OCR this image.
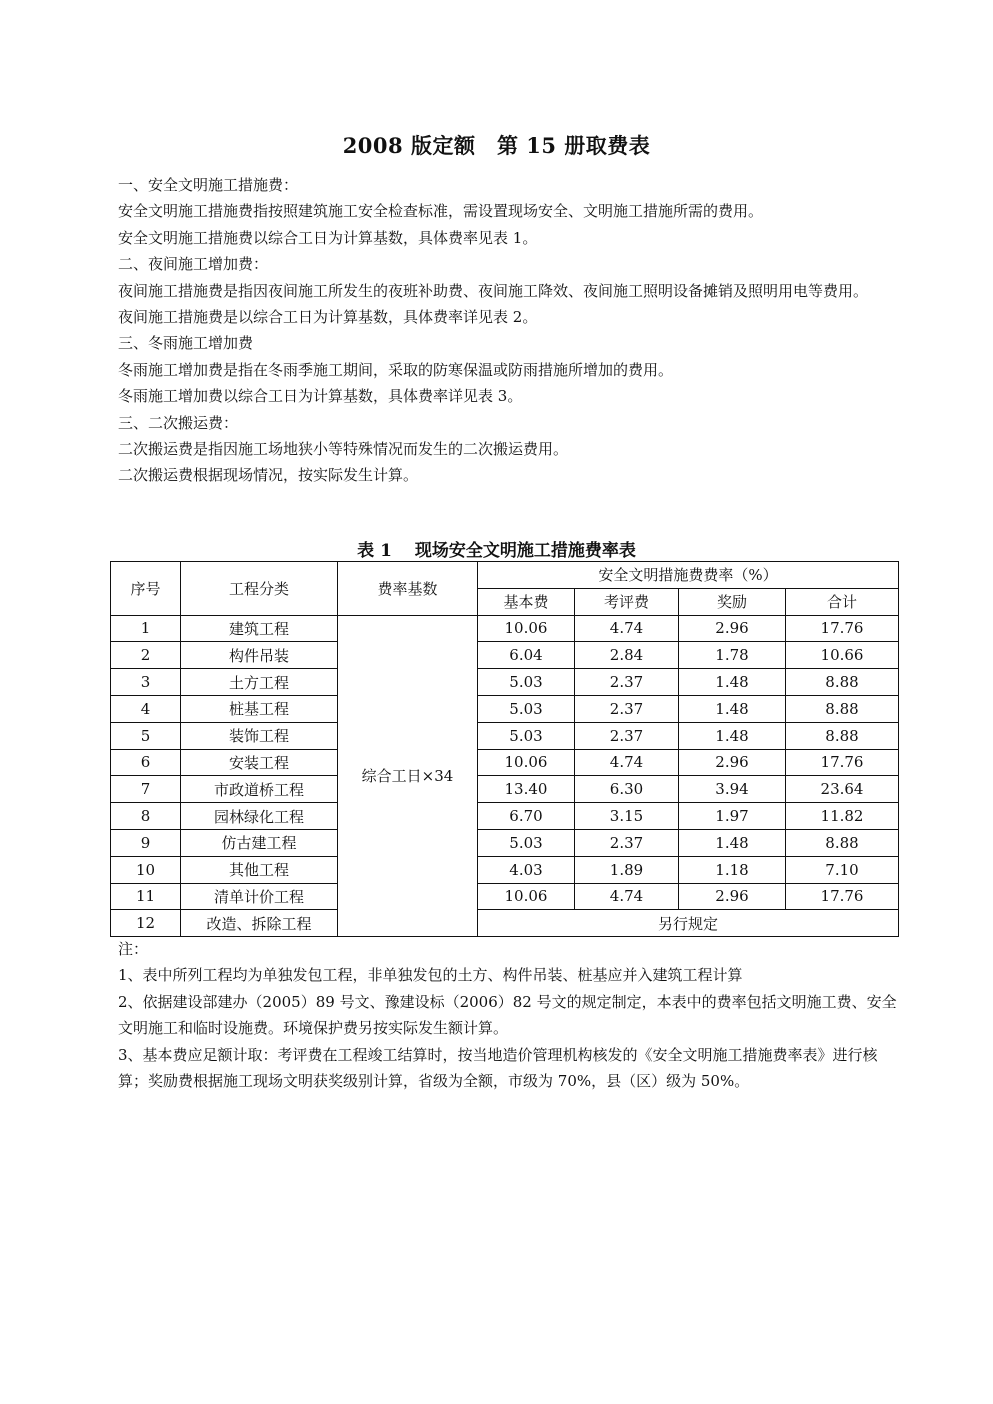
2008 版定额　第 15 册取费表

一、安全文明施工措施费：

安全文明施工措施费指按照建筑施工安全检查标准，需设置现场安全、文明施工措施所需的费用。

安全文明施工措施费以综合工日为计算基数，具体费率见表 1。

二、夜间施工增加费：

夜间施工措施费是指因夜间施工所发生的夜班补助费、夜间施工降效、夜间施工照明设备摊销及照明用电等费用。

夜间施工措施费是以综合工日为计算基数，具体费率详见表 2。

三、冬雨施工增加费

冬雨施工增加费是指在冬雨季施工期间，采取的防寒保温或防雨措施所增加的费用。

冬雨施工增加费以综合工日为计算基数，具体费率详见表 3。

三、二次搬运费：

二次搬运费是指因施工场地狭小等特殊情况而发生的二次搬运费用。

二次搬运费根据现场情况，按实际发生计算。

表 1　 现场安全文明施工措施费率表
序号	工程分类	费率基数	安全文明措施费费率（%）			
			基本费	考评费	奖励	合计
1	建筑工程	综合工日×34	10.06	4.74	2.96	17.76
2	构件吊装		6.04	2.84	1.78	10.66
3	土方工程		5.03	2.37	1.48	8.88
4	桩基工程		5.03	2.37	1.48	8.88
5	装饰工程		5.03	2.37	1.48	8.88
6	安装工程		10.06	4.74	2.96	17.76
7	市政道桥工程		13.40	6.30	3.94	23.64
8	园林绿化工程		6.70	3.15	1.97	11.82
9	仿古建工程		5.03	2.37	1.48	8.88
10	其他工程		4.03	1.89	1.18	7.10
11	清单计价工程		10.06	4.74	2.96	17.76
12	改造、拆除工程		另行规定			

注：

1、表中所列工程均为单独发包工程，非单独发包的土方、构件吊装、桩基应并入建筑工程计算

2、依据建设部建办（2005）89 号文、豫建设标（2006）82 号文的规定制定，本表中的费率包括文明施工费、安全文明施工和临时设施费。环境保护费另按实际发生额计算。

3、基本费应足额计取：考评费在工程竣工结算时，按当地造价管理机构核发的《安全文明施工措施费率表》进行核算；奖励费根据施工现场文明获奖级别计算，省级为全额，市级为 70%，县（区）级为 50%。
